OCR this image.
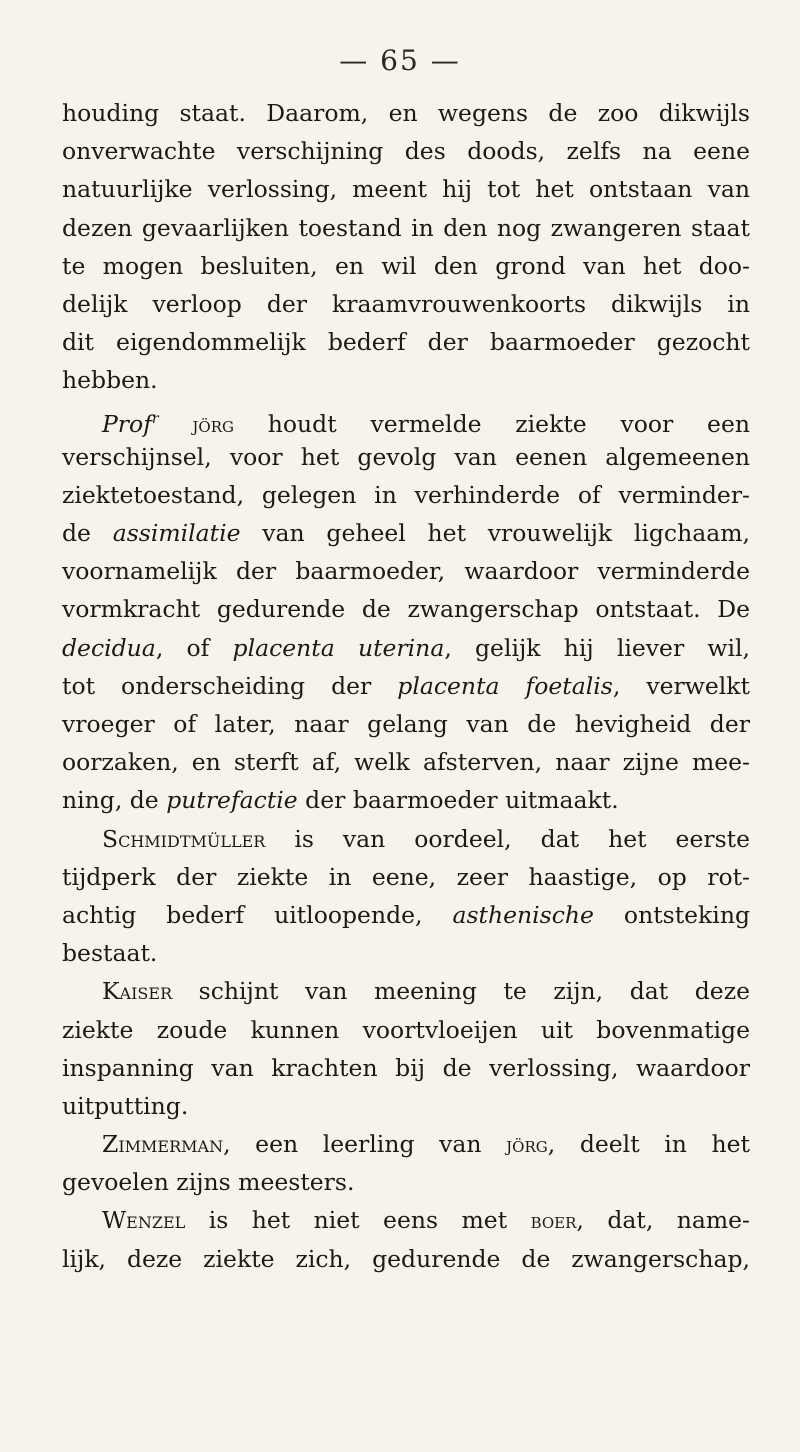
— 65 —
houding staat. Daarom, en wegens de zoo dikwijls
onverwachte verschijning des doods, zelfs na eene
natuurlijke verlossing, meent hij tot het ontstaan van
dezen gevaarlijken toestand in den nog zwangeren staat
te mogen besluiten, en wil den grond van het doo-
delijk verloop der kraamvrouwenkoorts dikwijls in
dit eigendommelijk bederf der baarmoeder gezocht
hebben.
Prof$^r$ jörg houdt vermelde ziekte voor een
verschijnsel, voor het gevolg van eenen algemeenen
ziektetoestand, gelegen in verhinderde of verminder-
de assimilatie van geheel het vrouwelijk ligchaam,
voornamelijk der baarmoeder, waardoor verminderde
vormkracht gedurende de zwangerschap ontstaat. De
decidua, of placenta uterina, gelijk hij liever wil,
tot onderscheiding der placenta foetalis, verwelkt
vroeger of later, naar gelang van de hevigheid der
oorzaken, en sterft af, welk afsterven, naar zijne mee-
ning, de putrefactie der baarmoeder uitmaakt.
Schmidtmüller is van oordeel, dat het eerste
tijdperk der ziekte in eene, zeer haastige, op rot-
achtig bederf uitloopende, asthenische ontsteking
bestaat.
Kaiser schijnt van meening te zijn, dat deze
ziekte zoude kunnen voortvloeijen uit bovenmatige
inspanning van krachten bij de verlossing, waardoor
uitputting.
Zimmerman, een leerling van jörg, deelt in het
gevoelen zijns meesters.
Wenzel is het niet eens met boer, dat, name-
lijk, deze ziekte zich, gedurende de zwangerschap,
